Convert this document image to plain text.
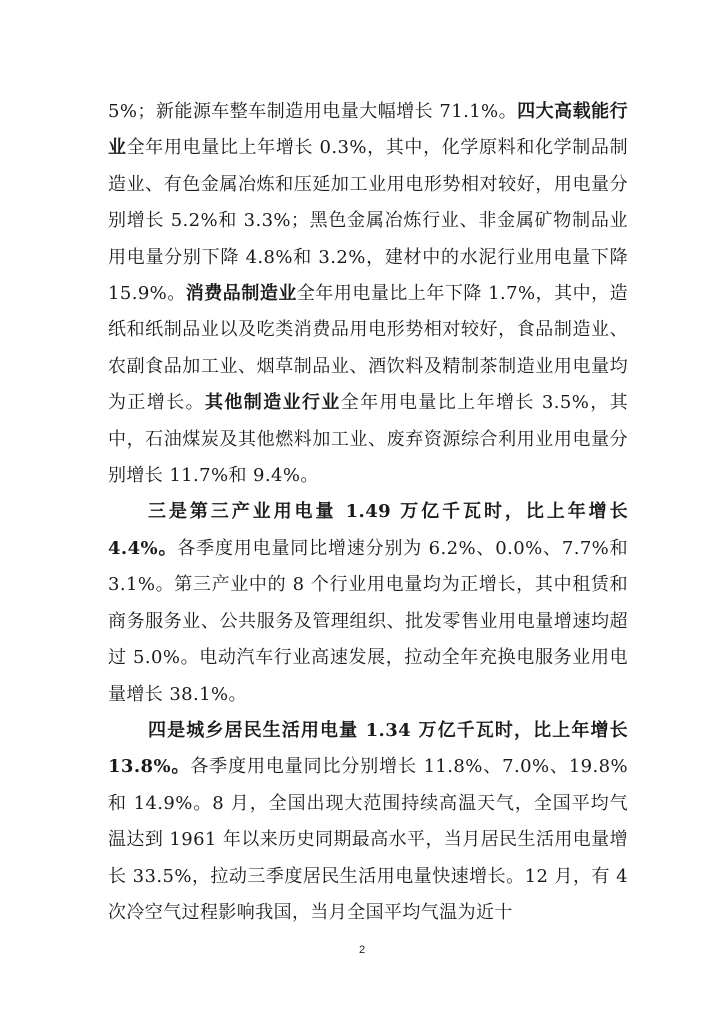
5%；新能源车整车制造用电量大幅增长 71.1%。四大高载能行业全年用电量比上年增长 0.3%，其中，化学原料和化学制品制造业、有色金属冶炼和压延加工业用电形势相对较好，用电量分别增长 5.2%和 3.3%；黑色金属冶炼行业、非金属矿物制品业用电量分别下降 4.8%和 3.2%，建材中的水泥行业用电量下降 15.9%。消费品制造业全年用电量比上年下降 1.7%，其中，造纸和纸制品业以及吃类消费品用电形势相对较好，食品制造业、农副食品加工业、烟草制品业、酒饮料及精制茶制造业用电量均为正增长。其他制造业行业全年用电量比上年增长 3.5%，其中，石油煤炭及其他燃料加工业、废弃资源综合利用业用电量分别增长 11.7%和 9.4%。

三是第三产业用电量 1.49 万亿千瓦时，比上年增长 4.4%。各季度用电量同比增速分别为 6.2%、0.0%、7.7%和 3.1%。第三产业中的 8 个行业用电量均为正增长，其中租赁和商务服务业、公共服务及管理组织、批发零售业用电量增速均超过 5.0%。电动汽车行业高速发展，拉动全年充换电服务业用电量增长 38.1%。

四是城乡居民生活用电量 1.34 万亿千瓦时，比上年增长 13.8%。各季度用电量同比分别增长 11.8%、7.0%、19.8%和 14.9%。8 月，全国出现大范围持续高温天气，全国平均气温达到 1961 年以来历史同期最高水平，当月居民生活用电量增长 33.5%，拉动三季度居民生活用电量快速增长。12 月，有 4 次冷空气过程影响我国，当月全国平均气温为近十

2
